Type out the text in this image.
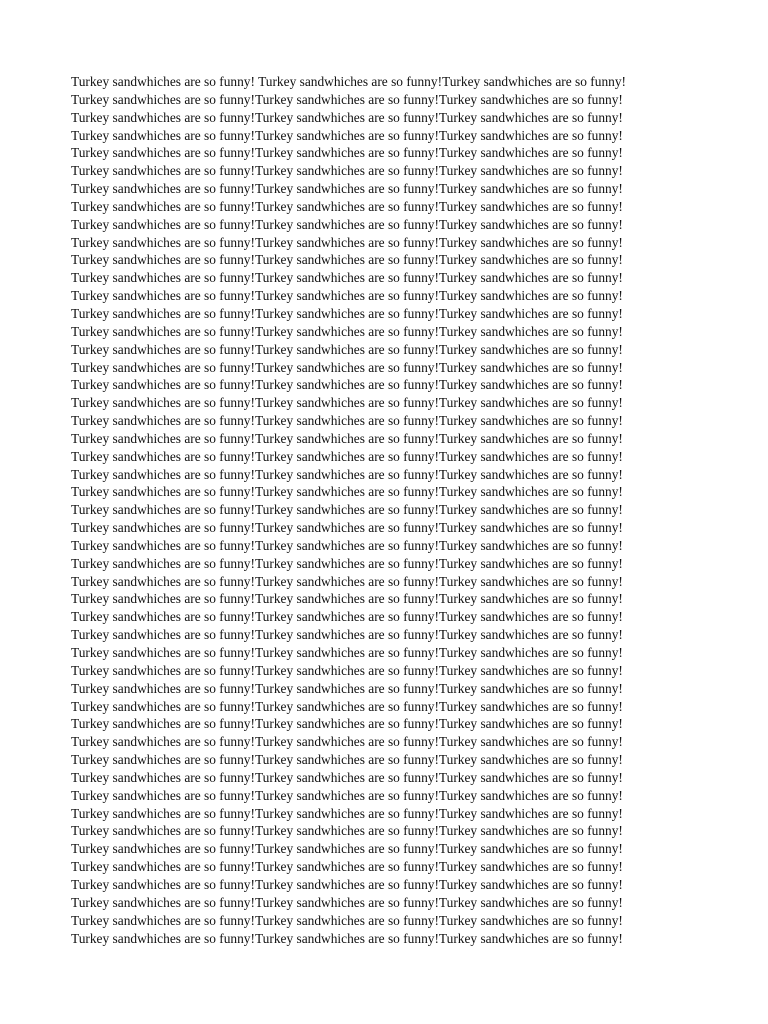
Turkey sandwhiches are so funny! Turkey sandwhiches are so funny!Turkey sandwhiches are so funny!
Turkey sandwhiches are so funny!Turkey sandwhiches are so funny!Turkey sandwhiches are so funny!
Turkey sandwhiches are so funny!Turkey sandwhiches are so funny!Turkey sandwhiches are so funny!
Turkey sandwhiches are so funny!Turkey sandwhiches are so funny!Turkey sandwhiches are so funny!
Turkey sandwhiches are so funny!Turkey sandwhiches are so funny!Turkey sandwhiches are so funny!
Turkey sandwhiches are so funny!Turkey sandwhiches are so funny!Turkey sandwhiches are so funny!
Turkey sandwhiches are so funny!Turkey sandwhiches are so funny!Turkey sandwhiches are so funny!
Turkey sandwhiches are so funny!Turkey sandwhiches are so funny!Turkey sandwhiches are so funny!
Turkey sandwhiches are so funny!Turkey sandwhiches are so funny!Turkey sandwhiches are so funny!
Turkey sandwhiches are so funny!Turkey sandwhiches are so funny!Turkey sandwhiches are so funny!
Turkey sandwhiches are so funny!Turkey sandwhiches are so funny!Turkey sandwhiches are so funny!
Turkey sandwhiches are so funny!Turkey sandwhiches are so funny!Turkey sandwhiches are so funny!
Turkey sandwhiches are so funny!Turkey sandwhiches are so funny!Turkey sandwhiches are so funny!
Turkey sandwhiches are so funny!Turkey sandwhiches are so funny!Turkey sandwhiches are so funny!
Turkey sandwhiches are so funny!Turkey sandwhiches are so funny!Turkey sandwhiches are so funny!
Turkey sandwhiches are so funny!Turkey sandwhiches are so funny!Turkey sandwhiches are so funny!
Turkey sandwhiches are so funny!Turkey sandwhiches are so funny!Turkey sandwhiches are so funny!
Turkey sandwhiches are so funny!Turkey sandwhiches are so funny!Turkey sandwhiches are so funny!
Turkey sandwhiches are so funny!Turkey sandwhiches are so funny!Turkey sandwhiches are so funny!
Turkey sandwhiches are so funny!Turkey sandwhiches are so funny!Turkey sandwhiches are so funny!
Turkey sandwhiches are so funny!Turkey sandwhiches are so funny!Turkey sandwhiches are so funny!
Turkey sandwhiches are so funny!Turkey sandwhiches are so funny!Turkey sandwhiches are so funny!
Turkey sandwhiches are so funny!Turkey sandwhiches are so funny!Turkey sandwhiches are so funny!
Turkey sandwhiches are so funny!Turkey sandwhiches are so funny!Turkey sandwhiches are so funny!
Turkey sandwhiches are so funny!Turkey sandwhiches are so funny!Turkey sandwhiches are so funny!
Turkey sandwhiches are so funny!Turkey sandwhiches are so funny!Turkey sandwhiches are so funny!
Turkey sandwhiches are so funny!Turkey sandwhiches are so funny!Turkey sandwhiches are so funny!
Turkey sandwhiches are so funny!Turkey sandwhiches are so funny!Turkey sandwhiches are so funny!
Turkey sandwhiches are so funny!Turkey sandwhiches are so funny!Turkey sandwhiches are so funny!
Turkey sandwhiches are so funny!Turkey sandwhiches are so funny!Turkey sandwhiches are so funny!
Turkey sandwhiches are so funny!Turkey sandwhiches are so funny!Turkey sandwhiches are so funny!
Turkey sandwhiches are so funny!Turkey sandwhiches are so funny!Turkey sandwhiches are so funny!
Turkey sandwhiches are so funny!Turkey sandwhiches are so funny!Turkey sandwhiches are so funny!
Turkey sandwhiches are so funny!Turkey sandwhiches are so funny!Turkey sandwhiches are so funny!
Turkey sandwhiches are so funny!Turkey sandwhiches are so funny!Turkey sandwhiches are so funny!
Turkey sandwhiches are so funny!Turkey sandwhiches are so funny!Turkey sandwhiches are so funny!
Turkey sandwhiches are so funny!Turkey sandwhiches are so funny!Turkey sandwhiches are so funny!
Turkey sandwhiches are so funny!Turkey sandwhiches are so funny!Turkey sandwhiches are so funny!
Turkey sandwhiches are so funny!Turkey sandwhiches are so funny!Turkey sandwhiches are so funny!
Turkey sandwhiches are so funny!Turkey sandwhiches are so funny!Turkey sandwhiches are so funny!
Turkey sandwhiches are so funny!Turkey sandwhiches are so funny!Turkey sandwhiches are so funny!
Turkey sandwhiches are so funny!Turkey sandwhiches are so funny!Turkey sandwhiches are so funny!
Turkey sandwhiches are so funny!Turkey sandwhiches are so funny!Turkey sandwhiches are so funny!
Turkey sandwhiches are so funny!Turkey sandwhiches are so funny!Turkey sandwhiches are so funny!
Turkey sandwhiches are so funny!Turkey sandwhiches are so funny!Turkey sandwhiches are so funny!
Turkey sandwhiches are so funny!Turkey sandwhiches are so funny!Turkey sandwhiches are so funny!
Turkey sandwhiches are so funny!Turkey sandwhiches are so funny!Turkey sandwhiches are so funny!
Turkey sandwhiches are so funny!Turkey sandwhiches are so funny!Turkey sandwhiches are so funny!
Turkey sandwhiches are so funny!Turkey sandwhiches are so funny!Turkey sandwhiches are so funny!
